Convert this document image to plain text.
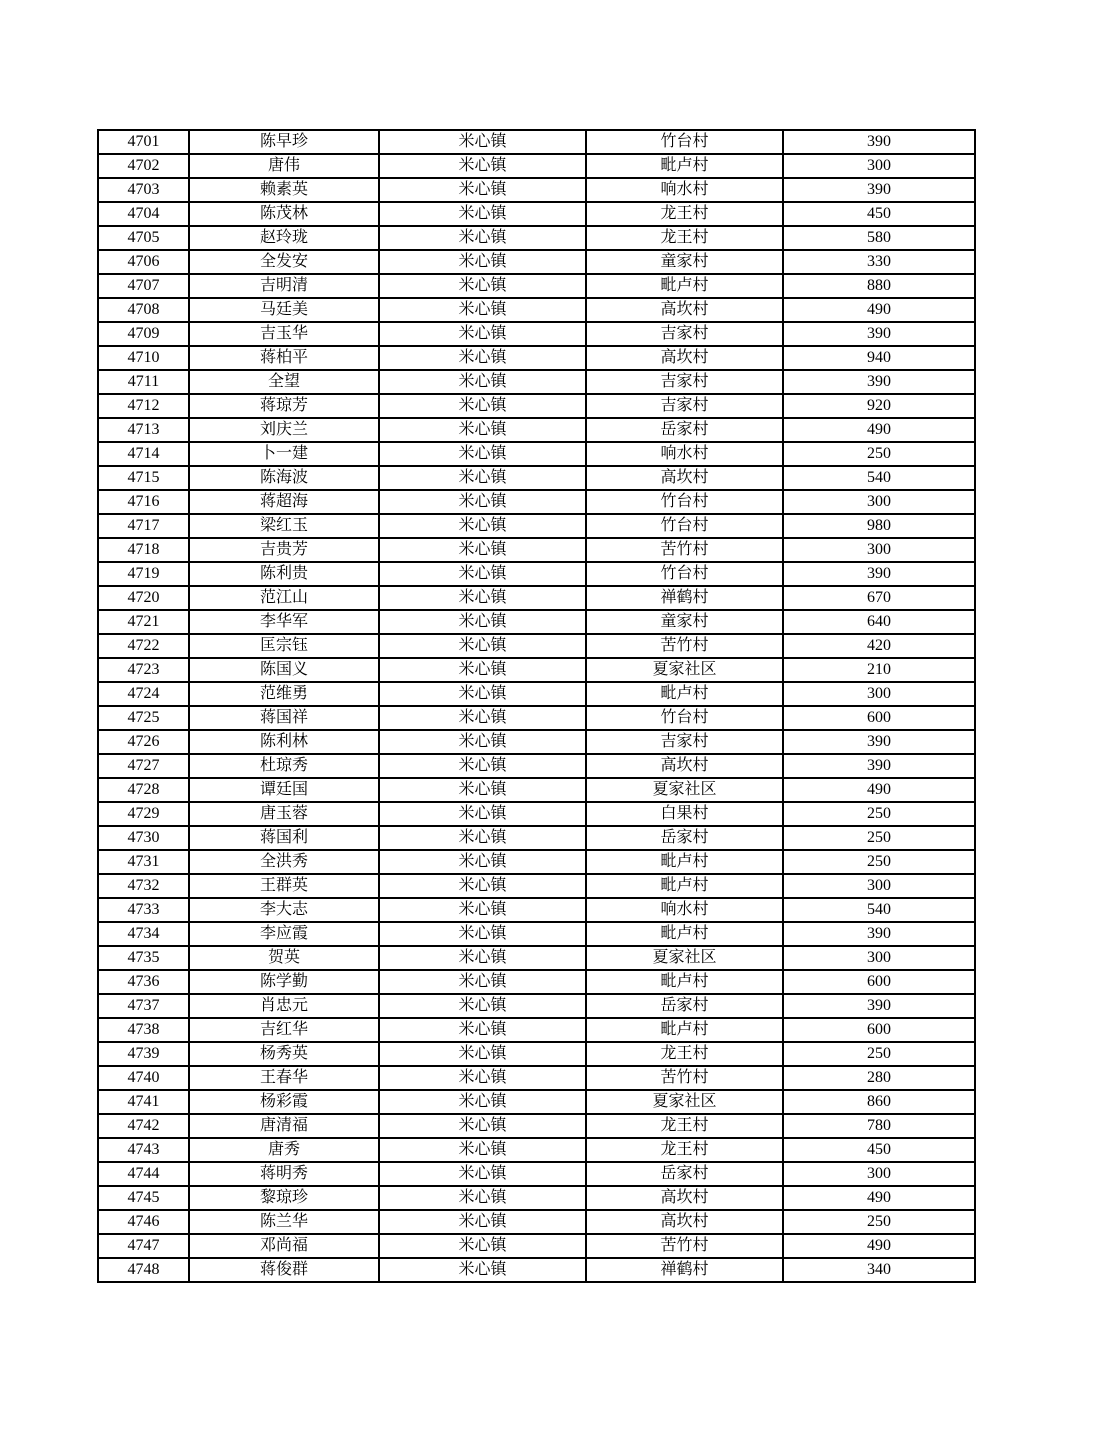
4701	陈早珍	米心镇	竹台村	390
4702	唐伟	米心镇	毗卢村	300
4703	赖素英	米心镇	响水村	390
4704	陈茂林	米心镇	龙王村	450
4705	赵玲珑	米心镇	龙王村	580
4706	全发安	米心镇	童家村	330
4707	吉明清	米心镇	毗卢村	880
4708	马廷美	米心镇	高坎村	490
4709	吉玉华	米心镇	吉家村	390
4710	蒋柏平	米心镇	高坎村	940
4711	全望	米心镇	吉家村	390
4712	蒋琼芳	米心镇	吉家村	920
4713	刘庆兰	米心镇	岳家村	490
4714	卜一建	米心镇	响水村	250
4715	陈海波	米心镇	高坎村	540
4716	蒋超海	米心镇	竹台村	300
4717	梁红玉	米心镇	竹台村	980
4718	吉贵芳	米心镇	苦竹村	300
4719	陈利贵	米心镇	竹台村	390
4720	范江山	米心镇	禅鹤村	670
4721	李华军	米心镇	童家村	640
4722	匡宗钰	米心镇	苦竹村	420
4723	陈国义	米心镇	夏家社区	210
4724	范维勇	米心镇	毗卢村	300
4725	蒋国祥	米心镇	竹台村	600
4726	陈利林	米心镇	吉家村	390
4727	杜琼秀	米心镇	高坎村	390
4728	谭廷国	米心镇	夏家社区	490
4729	唐玉蓉	米心镇	白果村	250
4730	蒋国利	米心镇	岳家村	250
4731	全洪秀	米心镇	毗卢村	250
4732	王群英	米心镇	毗卢村	300
4733	李大志	米心镇	响水村	540
4734	李应霞	米心镇	毗卢村	390
4735	贺英	米心镇	夏家社区	300
4736	陈学勤	米心镇	毗卢村	600
4737	肖忠元	米心镇	岳家村	390
4738	吉红华	米心镇	毗卢村	600
4739	杨秀英	米心镇	龙王村	250
4740	王春华	米心镇	苦竹村	280
4741	杨彩霞	米心镇	夏家社区	860
4742	唐清福	米心镇	龙王村	780
4743	唐秀	米心镇	龙王村	450
4744	蒋明秀	米心镇	岳家村	300
4745	黎琼珍	米心镇	高坎村	490
4746	陈兰华	米心镇	高坎村	250
4747	邓尚福	米心镇	苦竹村	490
4748	蒋俊群	米心镇	禅鹤村	340
